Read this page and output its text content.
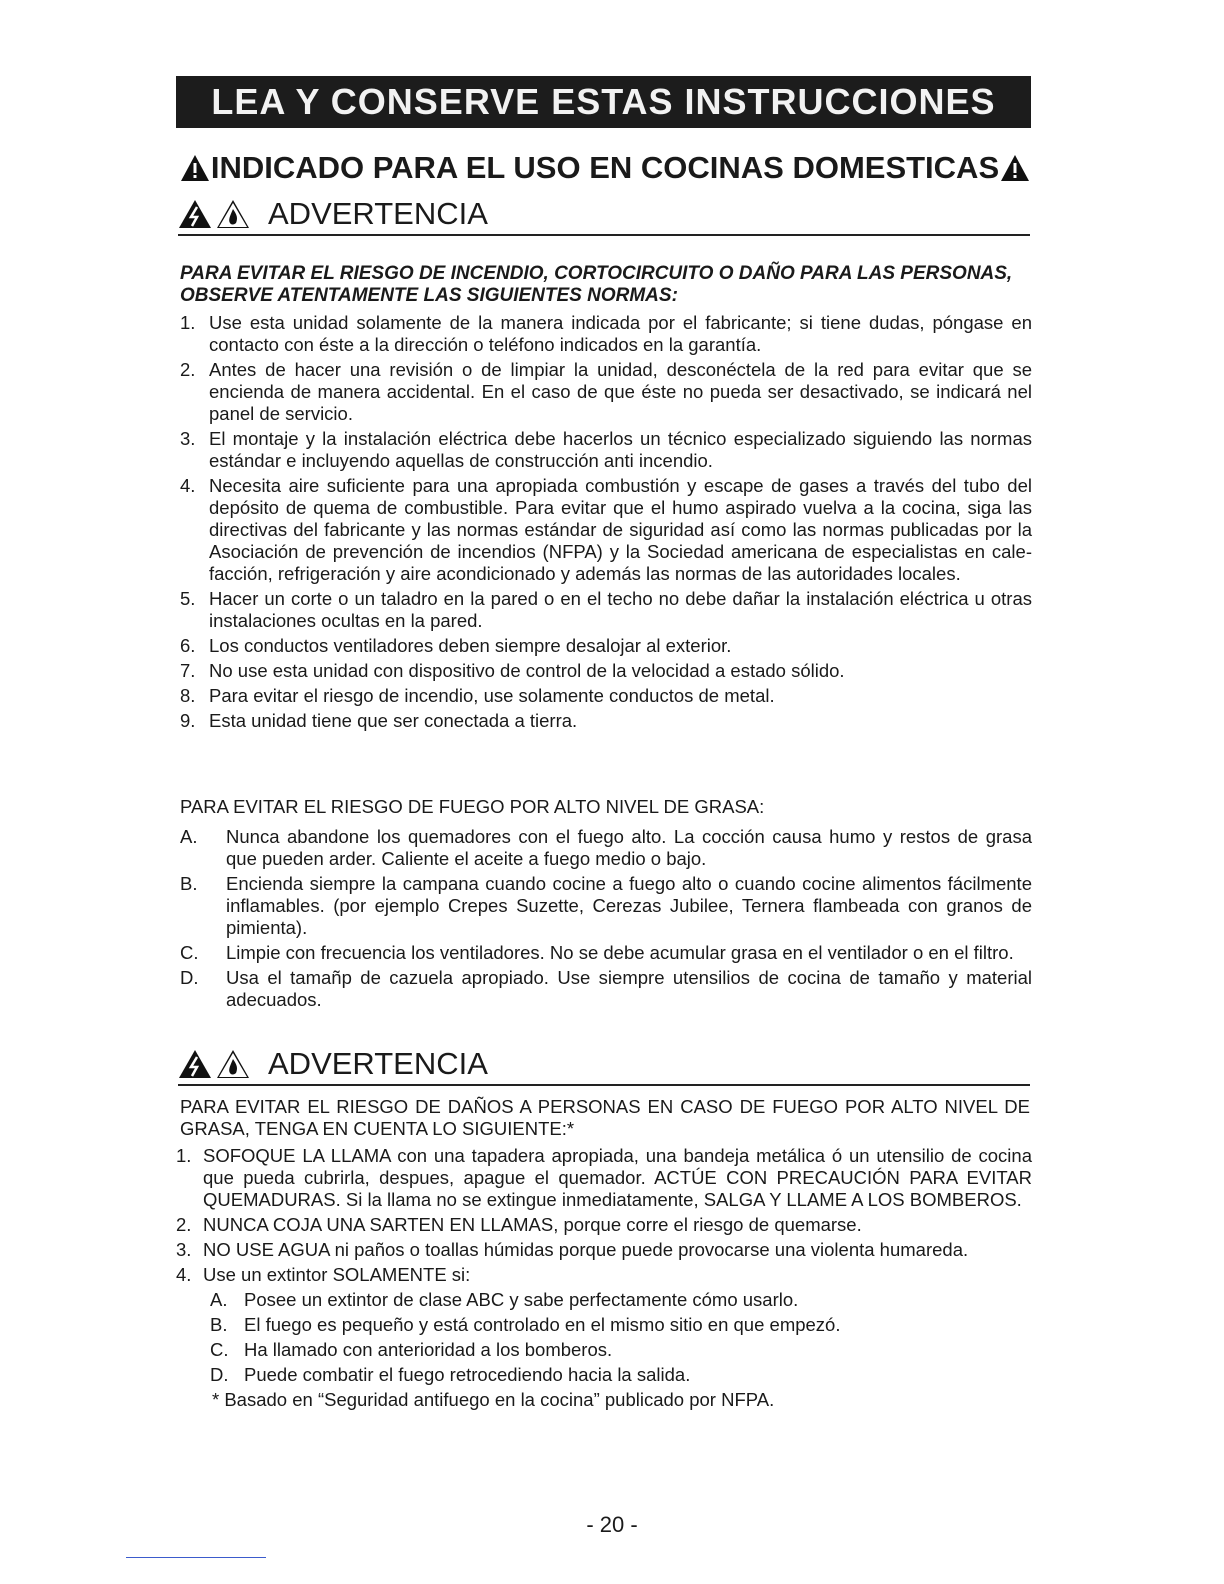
LEA Y CONSERVE ESTAS INSTRUCCIONES
INDICADO PARA EL USO EN COCINAS DOMESTICAS
ADVERTENCIA
PARA EVITAR EL RIESGO DE INCENDIO, CORTOCIRCUITO O DAÑO PARA LAS PERSONAS, OBSERVE ATENTAMENTE LAS SIGUIENTES NORMAS:
1. Use esta unidad solamente de la manera indicada por el fabricante; si tiene dudas, póngase en contacto con éste a la dirección o teléfono indicados en la garantía.
2. Antes de hacer una revisión o de limpiar la unidad, desconéctela de la red para evitar que se encienda de manera accidental. En el caso de que éste no pueda ser desactivado, se indicará nel panel de servicio.
3. El montaje y la instalación eléctrica debe hacerlos un técnico especializado siguiendo las normas estándar e incluyendo aquellas de construcción anti incendio.
4. Necesita aire suficiente para una apropiada combustión y escape de gases a través del tubo del depósito de quema de combustible. Para evitar que el humo aspirado vuelva a la cocina, siga las directivas del fabricante y las normas estándar de siguridad así como las normas publicadas por la Asociación de prevención de incendios (NFPA) y la Sociedad americana de especialistas en cale-facción, refrigeración y aire acondicionado y además las normas de las autoridades locales.
5. Hacer un corte o un taladro en la pared o en el techo no debe dañar la instalación eléctrica u otras instalaciones ocultas en la pared.
6. Los conductos ventiladores deben siempre desalojar al exterior.
7. No use esta unidad con dispositivo de control de la velocidad a estado sólido.
8. Para evitar el riesgo de incendio, use solamente conductos de metal.
9. Esta unidad tiene que ser conectada a tierra.
PARA EVITAR EL RIESGO DE FUEGO POR ALTO NIVEL DE GRASA:
A.	Nunca abandone los quemadores con el fuego alto. La cocción causa humo y restos de grasa que pueden arder. Caliente el aceite a fuego medio o bajo.
B.	Encienda siempre la campana cuando cocine a fuego alto o cuando cocine alimentos fácilmente inflamables. (por ejemplo Crepes Suzette, Cerezas Jubilee, Ternera flambeada con granos de pimienta).
C.	Limpie con frecuencia los ventiladores. No se debe acumular grasa en el ventilador o en el filtro.
D.	Usa el tamañp de cazuela apropiado. Use siempre utensilios de cocina de tamaño y material adecuados.
ADVERTENCIA
PARA EVITAR EL RIESGO DE DAÑOS A PERSONAS EN CASO DE FUEGO POR ALTO NIVEL DE GRASA, TENGA EN CUENTA LO SIGUIENTE:*
1. SOFOQUE LA LLAMA con una tapadera apropiada, una bandeja metálica ó un utensilio de cocina que pueda cubrirla, despues, apague el quemador. ACTÚE CON PRECAUCIÓN PARA EVITAR QUEMADURAS. Si la llama no se extingue inmediatamente, SALGA Y LLAME A LOS BOMBEROS.
2. NUNCA COJA UNA SARTEN EN LLAMAS, porque corre el riesgo de quemarse.
3. NO USE AGUA ni paños o toallas húmidas porque puede provocarse una violenta humareda.
4. Use un extintor SOLAMENTE si:
A. Posee un extintor de clase ABC y sabe perfectamente cómo usarlo.
B. El fuego es pequeño y está controlado en el mismo sitio en que empezó.
C. Ha llamado con anterioridad a los bomberos.
D. Puede combatir el fuego retrocediendo hacia la salida.
* Basado en “Seguridad antifuego en la cocina” publicado por NFPA.
- 20 -
